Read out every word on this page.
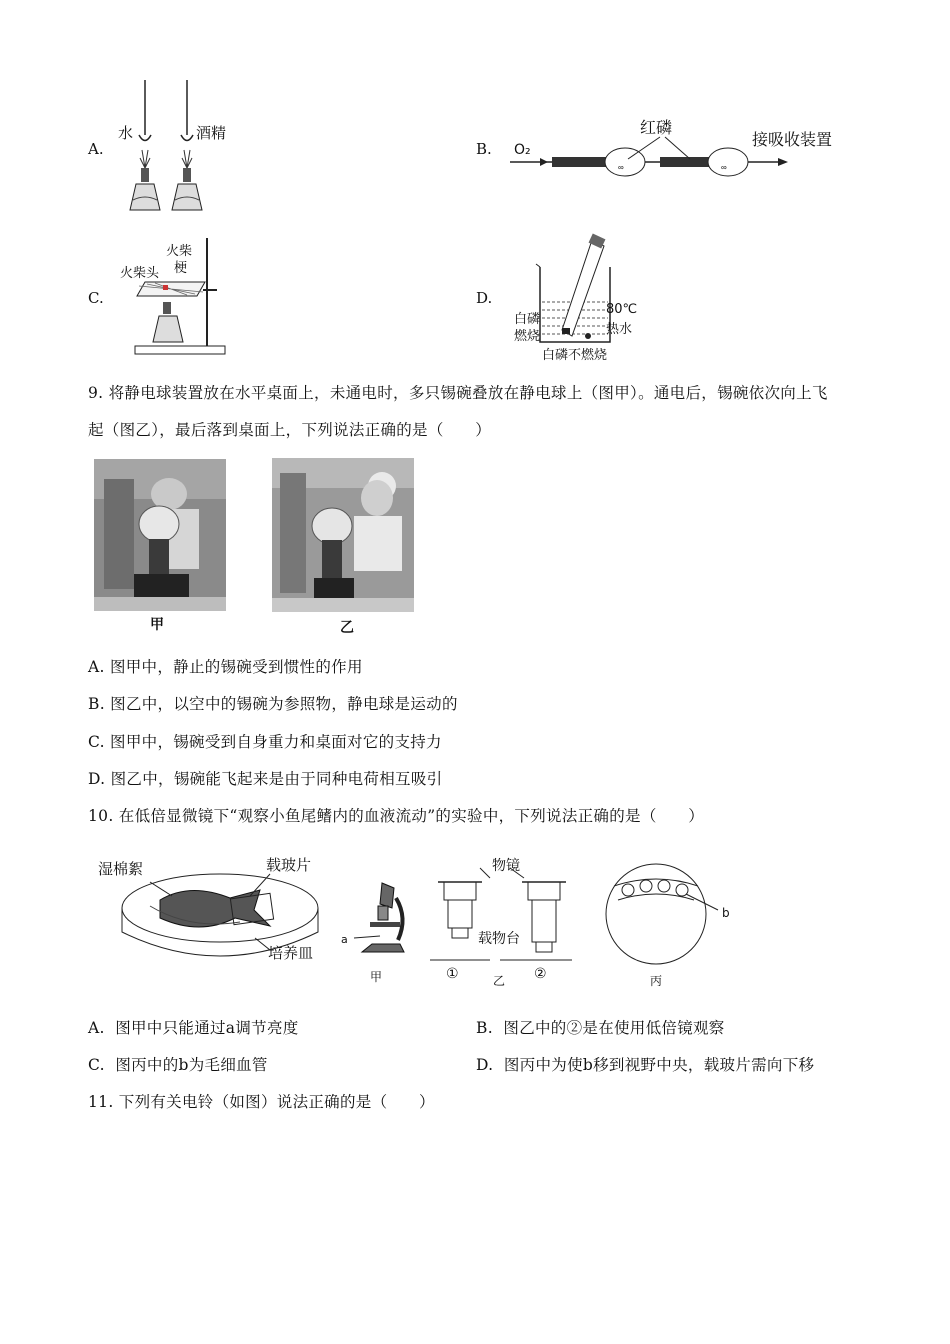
A.
水	酒精
B.
∞	∞
红磷
接吸收装置
O₂
C.
火柴
梗
火柴头
D.
白磷
燃烧
80℃
热水
白磷不燃烧
9. 将静电球装置放在水平桌面上，未通电时，多只锡碗叠放在静电球上（图甲）。通电后，锡碗依次向上飞
起（图乙），最后落到桌面上，下列说法正确的是（　　）
甲	乙
A. 图甲中，静止的锡碗受到惯性的作用
B. 图乙中，以空中的锡碗为参照物，静电球是运动的
C. 图甲中，锡碗受到自身重力和桌面对它的支持力
D. 图乙中，锡碗能飞起来是由于同种电荷相互吸引
10. 在低倍显微镜下“观察小鱼尾鳍内的血液流动”的实验中，下列说法正确的是（　　）
湿棉絮	载玻片
培养皿
a
甲
物镜
载物台
①	乙 ②
b
丙
A. 图甲中只能通过a调节亮度	B. 图乙中的②是在使用低倍镜观察
C. 图丙中的b为毛细血管	D. 图丙中为使b移到视野中央，载玻片需向下移
11. 下列有关电铃（如图）说法正确的是（　　）
